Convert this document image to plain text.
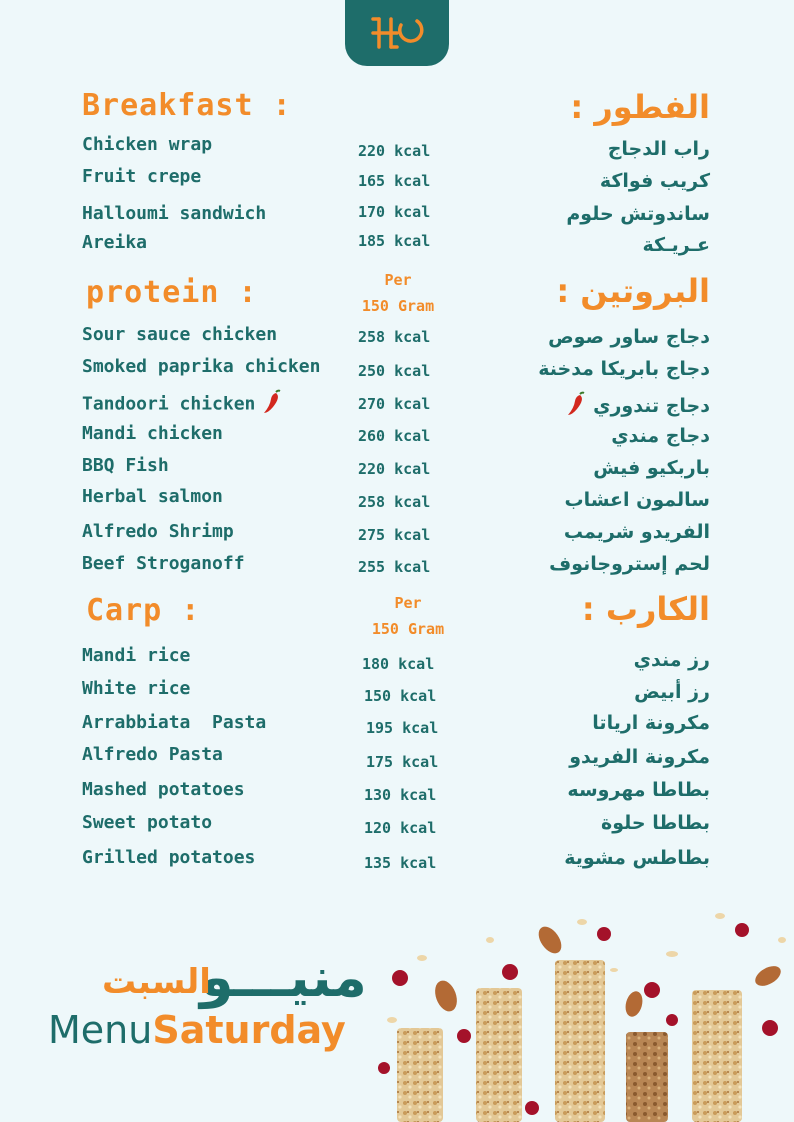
Breakfast :	الفطور :
Chicken wrap	220 kcal	راب الدجاج
Fruit crepe	165 kcal	كريب فواكة
Halloumi sandwich	170 kcal	ساندوتش حلوم
Areika	185 kcal	عـريـكة
protein :	البروتين :
Per
150 Gram
Sour sauce chicken	258 kcal	دجاج ساور صوص
Smoked paprika chicken	250 kcal	دجاج بابريكا مدخنة
Tandoori chicken	270 kcal	دجاج تندوري
Mandi chicken	260 kcal	دجاج مندي
BBQ Fish	220 kcal	باربكيو فيش
Herbal salmon	258 kcal	سالمون اعشاب
Alfredo Shrimp	275 kcal	الفريدو شريمب
Beef Stroganoff	255 kcal	لحم إستروجانوف
Carp :	الكارب :
Per
150 Gram
Mandi rice	180 kcal	رز مندي
White rice	150 kcal	رز أبيض
Arrabbiata  Pasta	195 kcal	مكرونة ارياتا
Alfredo Pasta	175 kcal	مكرونة الفريدو
Mashed potatoes	130 kcal	بطاطا مهروسه
Sweet potato	120 kcal	بطاطا حلوة
Grilled potatoes	135 kcal	بطاطس مشوية
منيـــو
السبت
MenuSaturday
